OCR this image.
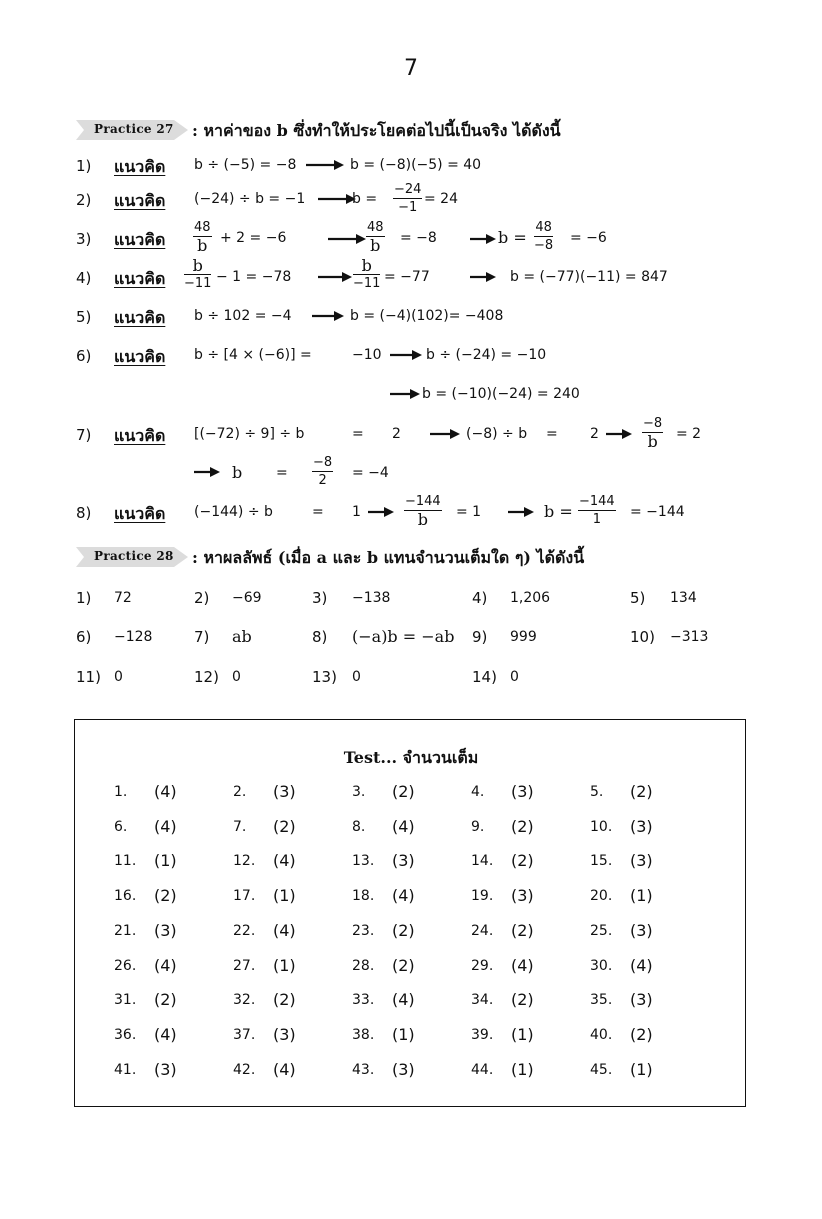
7
Practice 27 : หาค่าของ b ซึ่งทำให้ประโยคต่อไปนี้เป็นจริง ได้ดังนี้
1) แนวคิด b ÷ (−5) = −8	b = (−8)(−5) = 40
2) แนวคิด (−24) ÷ b = −1	$b = \frac{-24}{-1} = 24$
3) แนวคิด
48
b + 2 = −6
48
b = −8	$b = \frac{48}{-8} = -6$
4) แนวคิด
b
−11 − 1 = −78
b
−11 = −77	b = (−77)(−11) = 847
5) แนวคิด b ÷ 102 = −4	b = (−4)(102)= −408
6) แนวคิด b ÷ [4 × (−6)] =	−10	b ÷ (−24) = −10
b = (−10)(−24) = 240
7) แนวคิด [(−72) ÷ 9] ÷ b	= 2	(−8) ÷ b = 2
−8
b	= 2
$b = \frac{-8}{2} = -4$
8) แนวคิด (−144) ÷ b	= 1
−144
b	= 1	$b = \frac{-144}{1} = -144$
Practice 28 : หาผลลัพธ์ (เมื่อ a และ b แทนจำนวนเต็มใด ๆ) ได้ดังนี้
1) 72	2) −69	3) −138	4) 1,206	5) 134
6) −128	7) ab	8) (−a)b = −ab 9) 999	10) −313
11) 0	12) 0	13) 0	14) 0
Test... จำนวนเต็ม
1. (4)	2. (3)	3. (2)	4. (3)	5. (2)
6. (4)	7. (2)	8. (4)	9. (2)	10. (3)
11. (1)	12. (4)	13. (3)	14. (2)	15. (3)
16. (2)	17. (1)	18. (4)	19. (3)	20. (1)
21. (3)	22. (4)	23. (2)	24. (2)	25. (3)
26. (4)	27. (1)	28. (2)	29. (4)	30. (4)
31. (2)	32. (2)	33. (4)	34. (2)	35. (3)
36. (4)	37. (3)	38. (1)	39. (1)	40. (2)
41. (3)	42. (4)	43. (3)	44. (1)	45. (1)
